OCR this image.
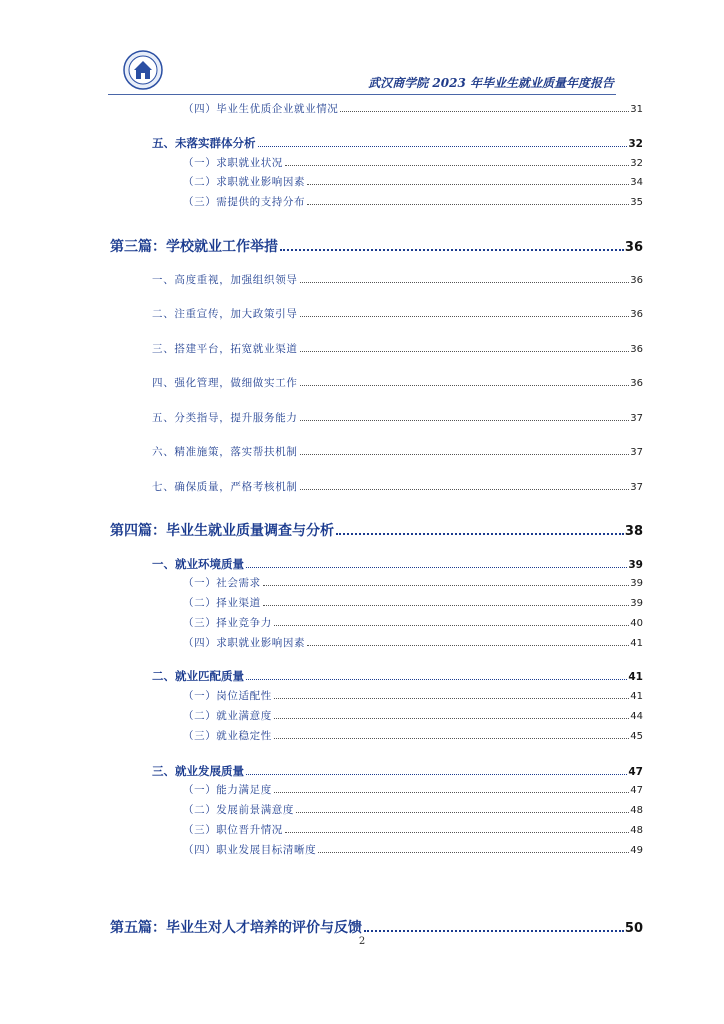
武汉商学院 2023 年毕业生就业质量年度报告
（四）毕业生优质企业就业情况	31
五、未落实群体分析	32
（一）求职就业状况	32
（二）求职就业影响因素	34
（三）需提供的支持分布	35
第三篇：学校就业工作举措	36
一、高度重视，加强组织领导	36
二、注重宣传，加大政策引导	36
三、搭建平台，拓宽就业渠道	36
四、强化管理，做细做实工作	36
五、分类指导，提升服务能力	37
六、精准施策，落实帮扶机制	37
七、确保质量，严格考核机制	37
第四篇：毕业生就业质量调查与分析	38
一、就业环境质量	39
（一）社会需求	39
（二）择业渠道	39
（三）择业竞争力	40
（四）求职就业影响因素	41
二、就业匹配质量	41
（一）岗位适配性	41
（二）就业满意度	44
（三）就业稳定性	45
三、就业发展质量	47
（一）能力满足度	47
（二）发展前景满意度	48
（三）职位晋升情况	48
（四）职业发展目标清晰度	49
第五篇：毕业生对人才培养的评价与反馈	50
2
